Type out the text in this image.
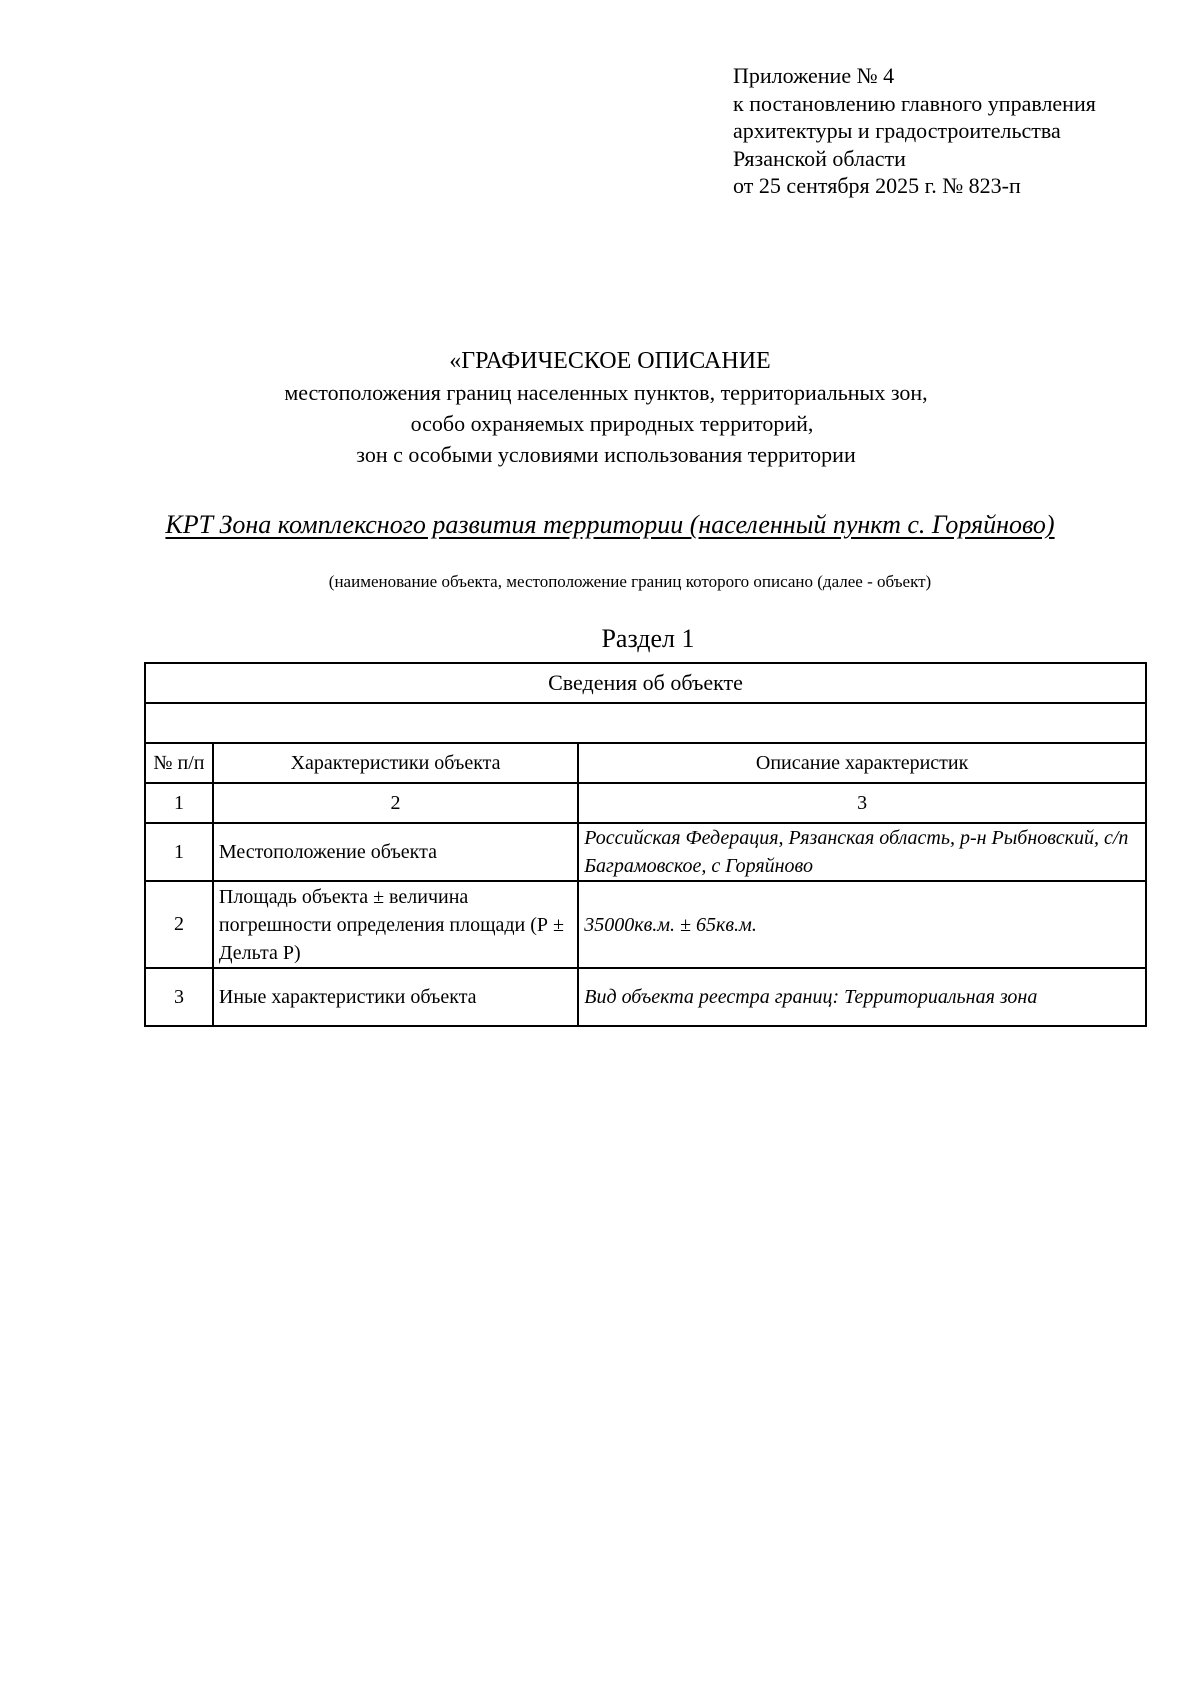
Приложение № 4
к постановлению главного управления
архитектуры и градостроительства
Рязанской области
от 25 сентября 2025 г. № 823-п
«ГРАФИЧЕСКОЕ ОПИСАНИЕ
местоположения границ населенных пунктов, территориальных зон,
особо охраняемых природных территорий,
зон с особыми условиями использования территории
КРТ Зона комплексного развития территории (населенный пункт с. Горяйново)
(наименование объекта, местоположение границ которого описано (далее - объект)
Раздел 1
Сведения об объекте		

№ п/п	Характеристики объекта	Описание характеристик
1	2	3
1	Местоположение объекта	Российская Федерация, Рязанская область, р-н Рыбновский, с/п Баграмовское, с Горяйново
2	Площадь объекта ± величина погрешности определения площади (Р ± Дельта Р)	35000кв.м. ± 65кв.м.
3	Иные характеристики объекта	Вид объекта реестра границ: Территориальная зона
